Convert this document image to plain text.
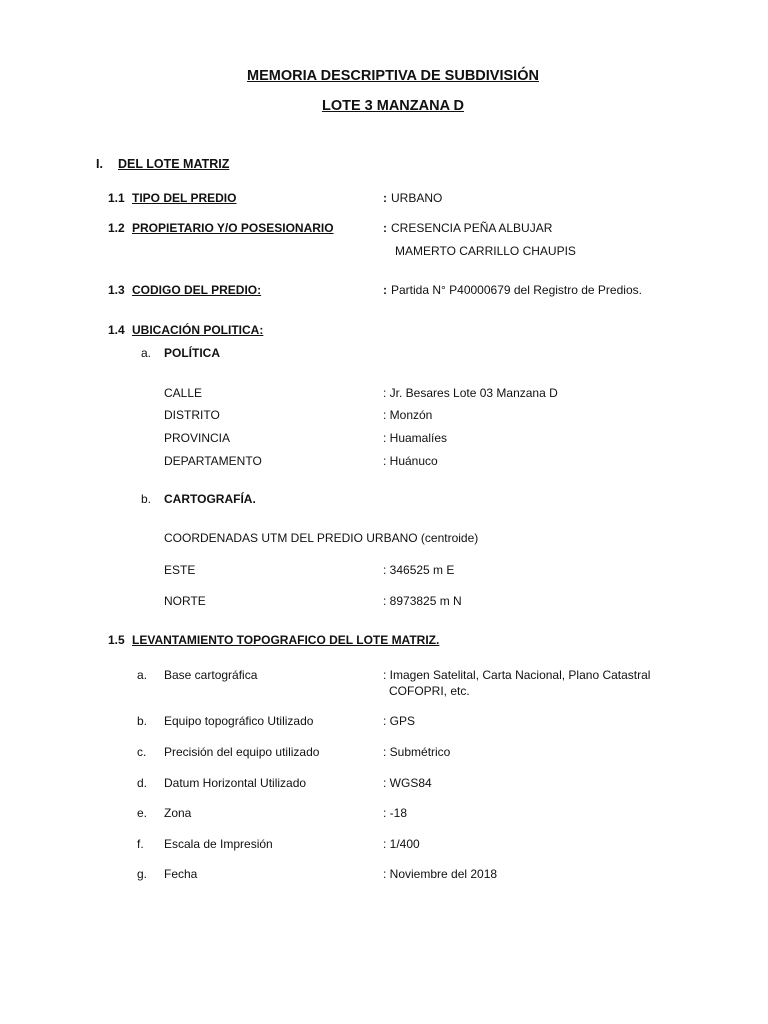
MEMORIA DESCRIPTIVA DE SUBDIVISIÓN
LOTE 3 MANZANA D
I. DEL LOTE MATRIZ
1.1 TIPO DEL PREDIO	: URBANO
1.2 PROPIETARIO Y/O POSESIONARIO	: CRESENCIA PEÑA ALBUJAR
MAMERTO CARRILLO CHAUPIS
1.3 CODIGO DEL PREDIO:	: Partida N° P40000679 del Registro de Predios.
1.4 UBICACIÓN POLITICA:
a. POLÍTICA
CALLE	: Jr. Besares Lote 03 Manzana D
DISTRITO	: Monzón
PROVINCIA	: Huamalíes
DEPARTAMENTO	: Huánuco
b. CARTOGRAFÍA.
COORDENADAS UTM DEL PREDIO URBANO (centroide)
ESTE	: 346525 m E
NORTE	: 8973825 m N
1.5 LEVANTAMIENTO TOPOGRAFICO DEL LOTE MATRIZ.
a. Base cartográfica	: Imagen Satelital, Carta Nacional, Plano Catastral
COFOPRI, etc.
b. Equipo topográfico Utilizado	: GPS
c. Precisión del equipo utilizado	: Submétrico
d. Datum Horizontal Utilizado	: WGS84
e. Zona	: -18
f. Escala de Impresión	: 1/400
g. Fecha	: Noviembre del 2018
